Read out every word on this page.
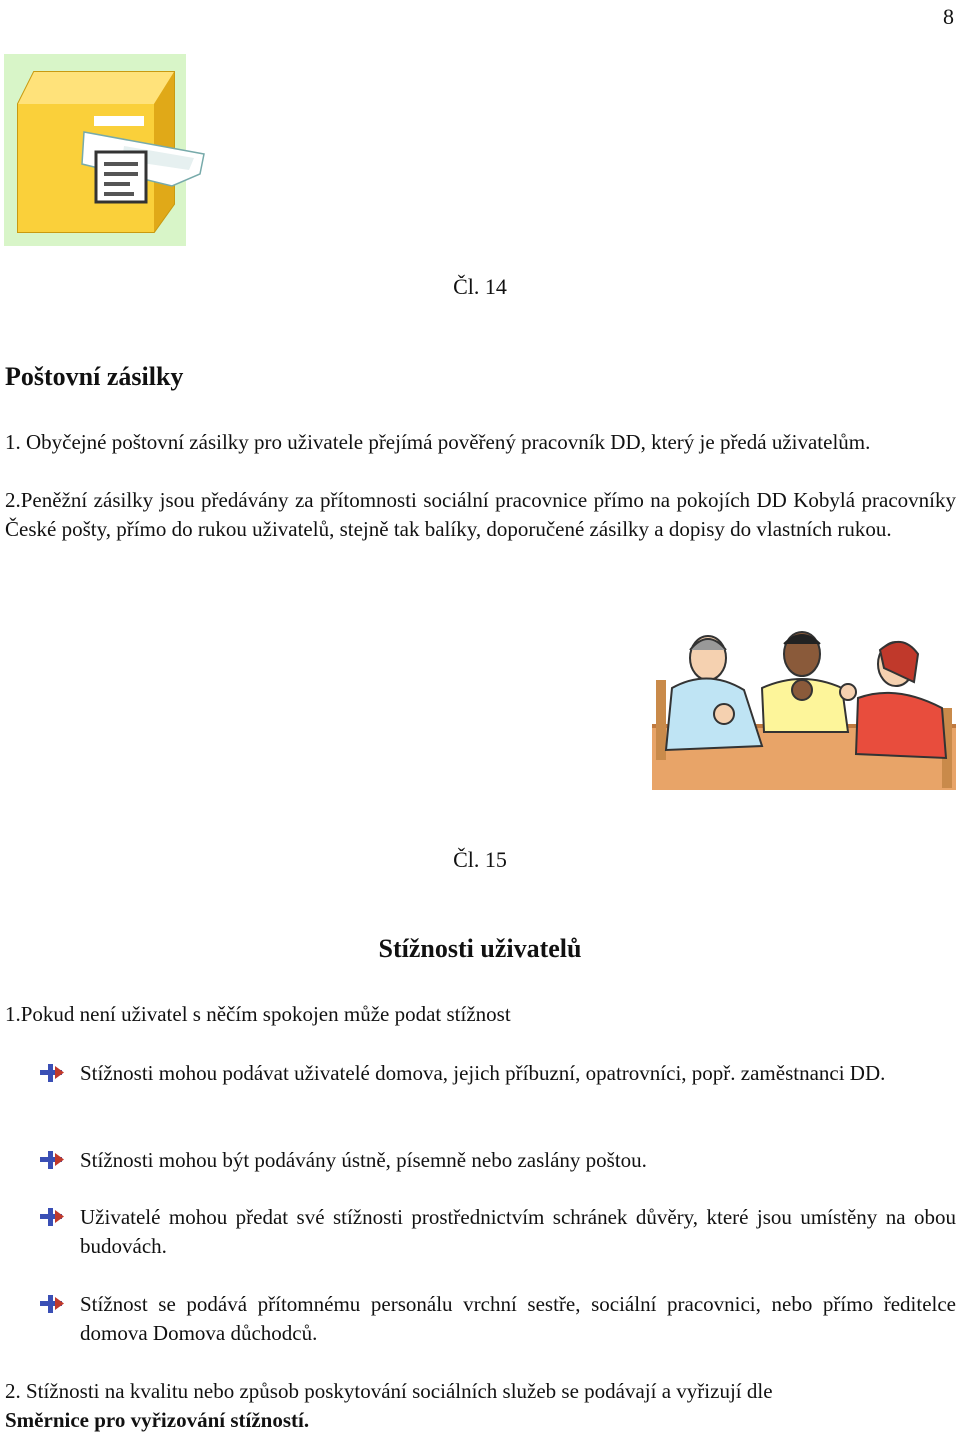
8
Čl. 14
Poštovní zásilky
1. Obyčejné poštovní zásilky pro uživatele přejímá pověřený pracovník DD, který je předá uživatelům.
2.Peněžní zásilky jsou předávány za přítomnosti sociální pracovnice přímo na pokojích DD Kobylá pracovníky České pošty, přímo do rukou uživatelů, stejně tak balíky, doporučené zásilky a dopisy do vlastních rukou.
Čl. 15
Stížnosti uživatelů
1.Pokud není uživatel s něčím spokojen může podat stížnost
Stížnosti mohou podávat uživatelé domova, jejich příbuzní, opatrovníci, popř. zaměstnanci DD.
Stížnosti mohou být podávány ústně, písemně nebo zaslány poštou.
Uživatelé mohou předat své stížnosti prostřednictvím schránek důvěry, které jsou umístěny na obou budovách.
Stížnost se podává přítomnému personálu vrchní sestře, sociální pracovnici, nebo přímo ředitelce domova Domova důchodců.
2. Stížnosti na kvalitu nebo způsob poskytování sociálních služeb se podávají a vyřizují dle
Směrnice pro vyřizování stížností.
